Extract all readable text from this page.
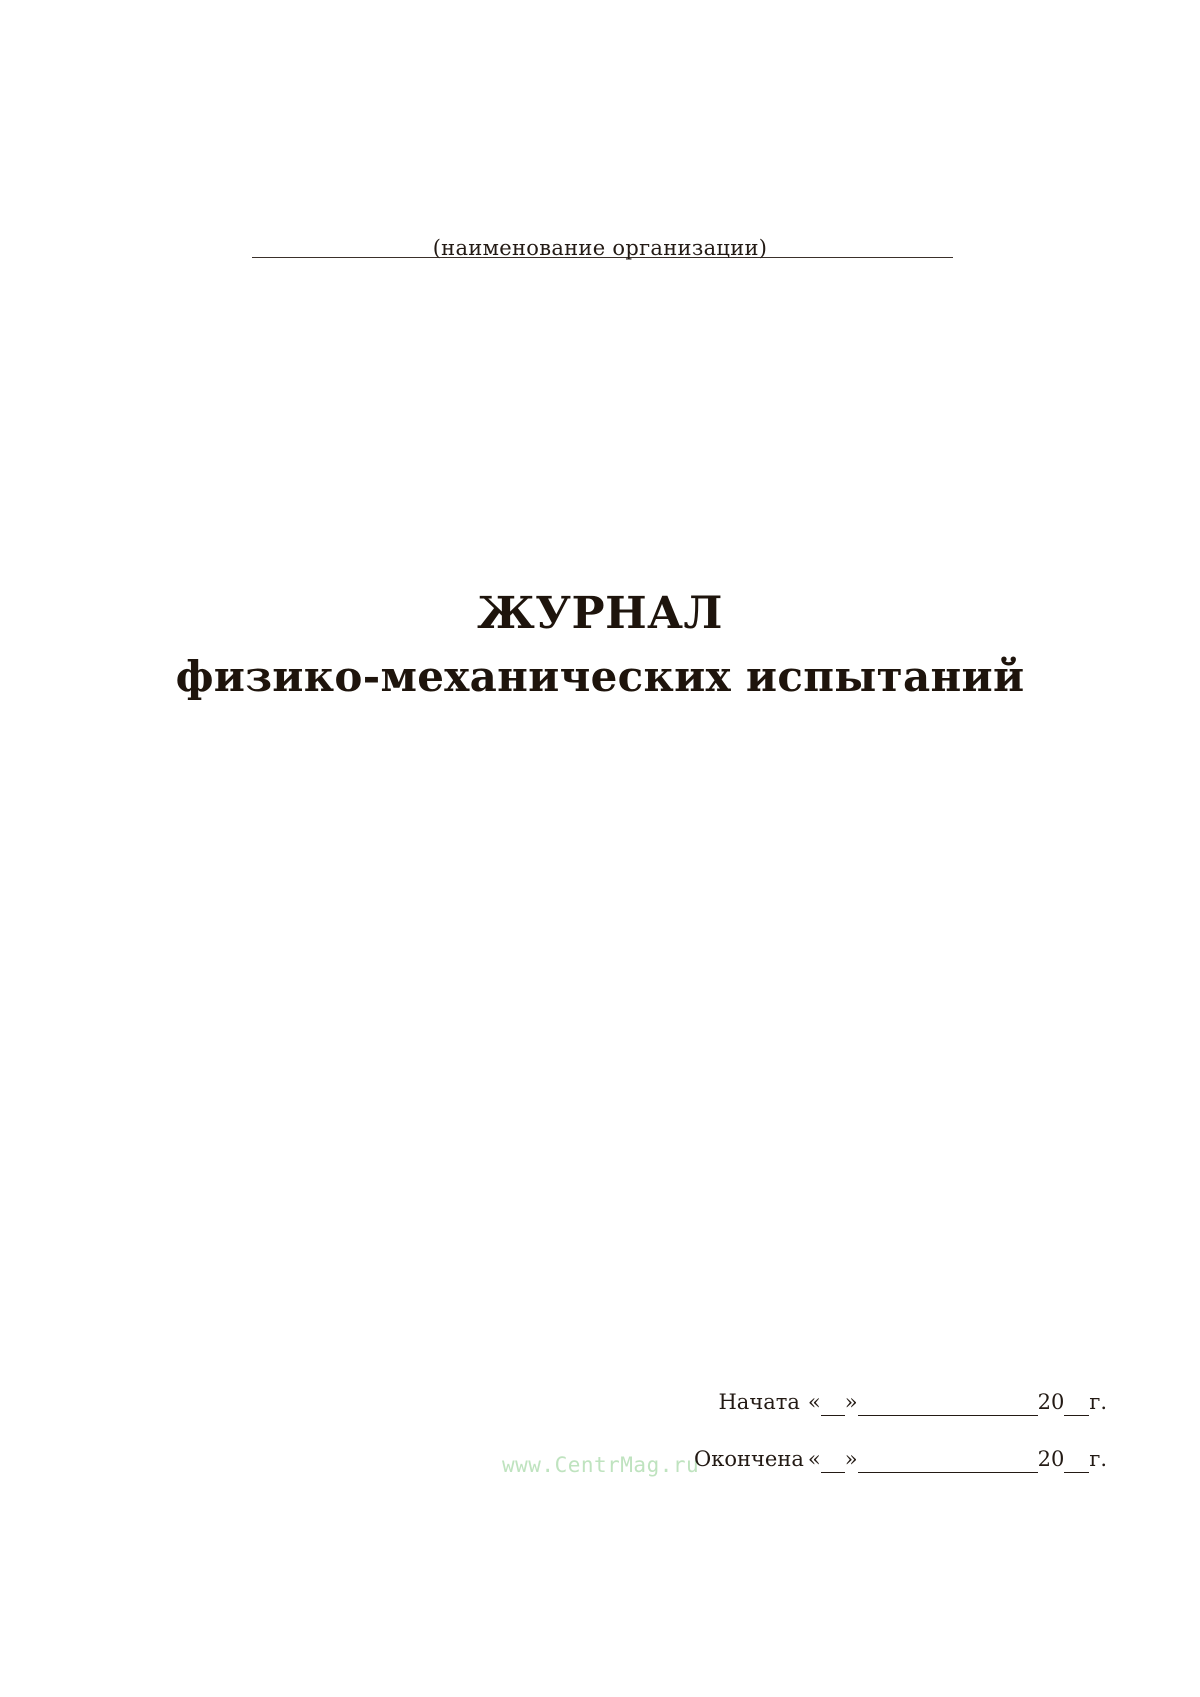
(наименование организации)
ЖУРНАЛ
физико-механических испытаний
www.CentrMag.ru
Начата « »	20 г.
Окончена « »	20 г.
